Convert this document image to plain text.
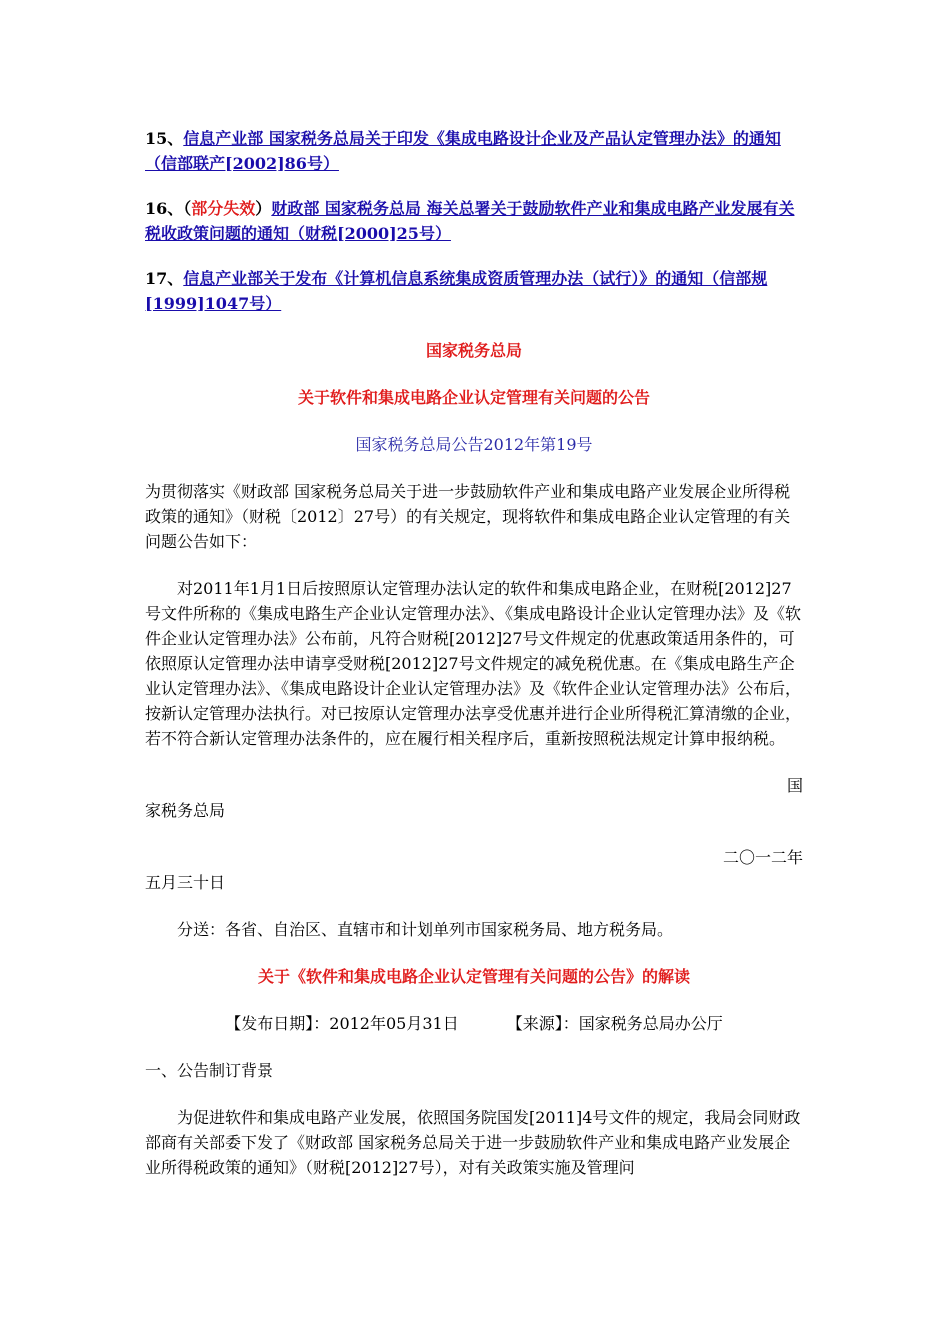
15、信息产业部 国家税务总局关于印发《集成电路设计企业及产品认定管理办法》的通知（信部联产[2002]86号）

16、（部分失效）财政部 国家税务总局 海关总署关于鼓励软件产业和集成电路产业发展有关税收政策问题的通知（财税[2000]25号）

17、信息产业部关于发布《计算机信息系统集成资质管理办法（试行）》的通知（信部规[1999]1047号）

国家税务总局

关于软件和集成电路企业认定管理有关问题的公告

国家税务总局公告2012年第19号

为贯彻落实《财政部 国家税务总局关于进一步鼓励软件产业和集成电路产业发展企业所得税政策的通知》（财税〔2012〕27号）的有关规定，现将软件和集成电路企业认定管理的有关问题公告如下：

对2011年1月1日后按照原认定管理办法认定的软件和集成电路企业，在财税[2012]27号文件所称的《集成电路生产企业认定管理办法》、《集成电路设计企业认定管理办法》及《软件企业认定管理办法》公布前，凡符合财税[2012]27号文件规定的优惠政策适用条件的，可依照原认定管理办法申请享受财税[2012]27号文件规定的减免税优惠。在《集成电路生产企业认定管理办法》、《集成电路设计企业认定管理办法》及《软件企业认定管理办法》公布后，按新认定管理办法执行。对已按原认定管理办法享受优惠并进行企业所得税汇算清缴的企业，若不符合新认定管理办法条件的，应在履行相关程序后，重新按照税法规定计算申报纳税。

国

家税务总局

二〇一二年

五月三十日

分送：各省、自治区、直辖市和计划单列市国家税务局、地方税务局。

关于《软件和集成电路企业认定管理有关问题的公告》的解读

【发布日期】：2012年05月31日	【来源】：国家税务总局办公厅

一、公告制订背景

为促进软件和集成电路产业发展，依照国务院国发[2011]4号文件的规定，我局会同财政部商有关部委下发了《财政部 国家税务总局关于进一步鼓励软件产业和集成电路产业发展企业所得税政策的通知》（财税[2012]27号），对有关政策实施及管理问
